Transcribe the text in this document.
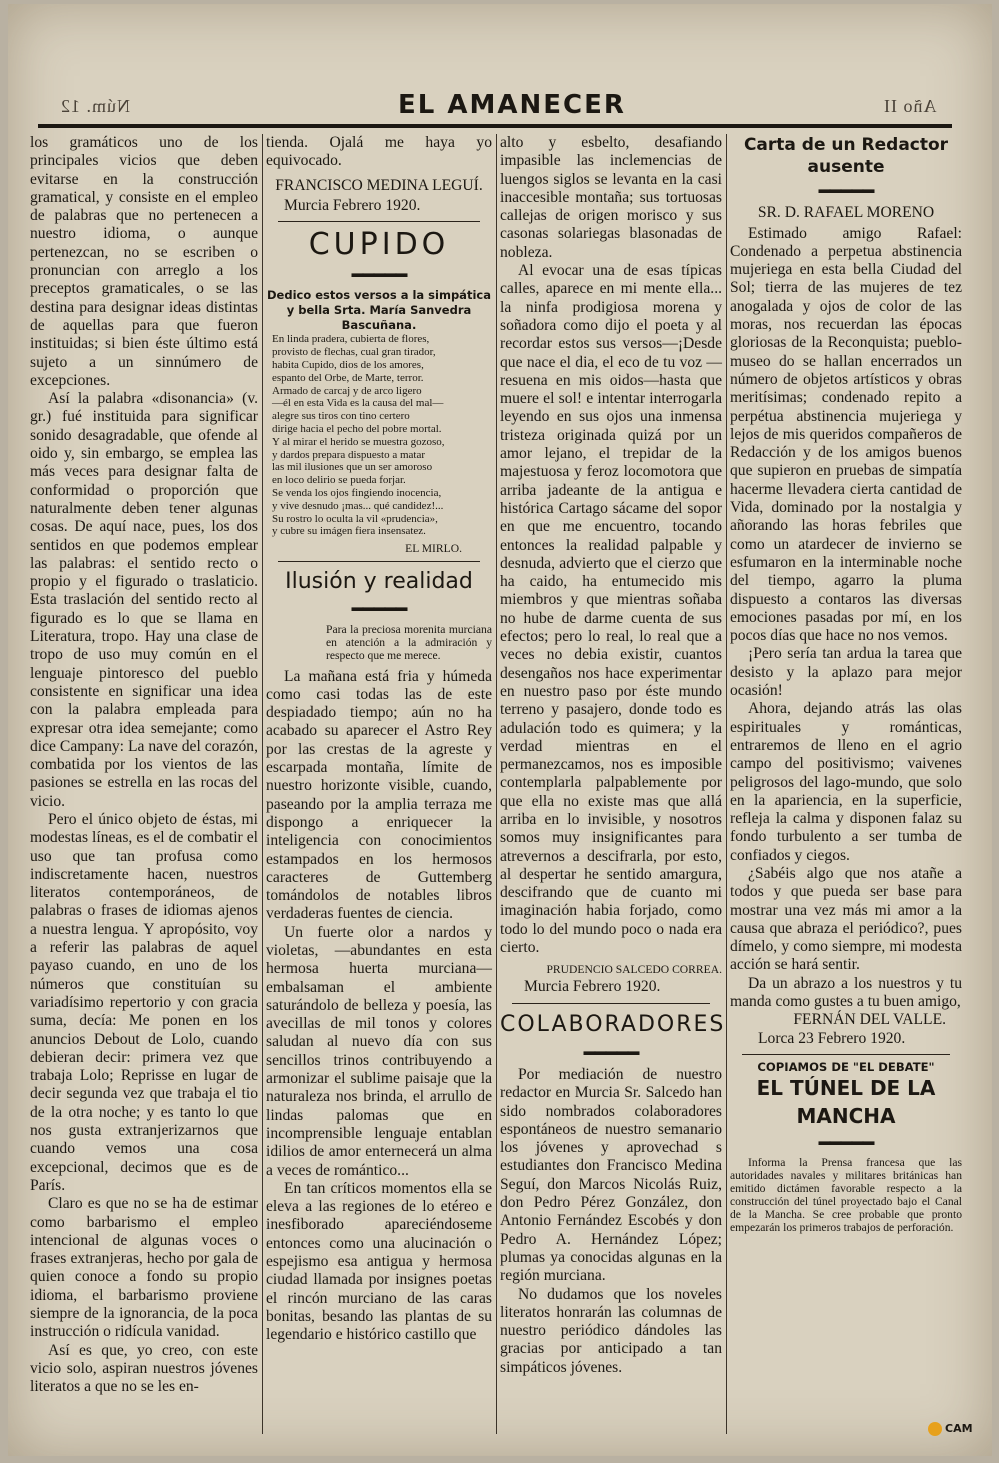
Núm. 12	EL AMANECER	Año II

los gramáticos uno de los principales vicios que deben evitarse en la construcción gramatical, y consiste en el empleo de palabras que no pertenecen a nuestro idioma, o aunque pertenezcan, no se escriben o pronuncian con arreglo a los preceptos gramaticales, o se las destina para designar ideas distintas de aquellas para que fueron instituidas; si bien éste último está sujeto a un sinnúmero de excepciones.

Así la palabra «disonancia» (v. gr.) fué instituida para significar sonido desagradable, que ofende al oido y, sin embargo, se emplea las más veces para designar falta de conformidad o proporción que naturalmente deben tener algunas cosas. De aquí nace, pues, los dos sentidos en que podemos emplear las palabras: el sentido recto o propio y el figurado o traslaticio. Esta traslación del sentido recto al figurado es lo que se llama en Literatura, tropo. Hay una clase de tropo de uso muy común en el lenguaje pintoresco del pueblo consistente en significar una idea con la palabra empleada para expresar otra idea semejante; como dice Campany: La nave del corazón, combatida por los vientos de las pasiones se estrella en las rocas del vicio.

Pero el único objeto de éstas, mi modestas líneas, es el de combatir el uso que tan profusa como indiscretamente hacen, nuestros literatos contemporáneos, de palabras o frases de idiomas ajenos a nuestra lengua. Y apropósito, voy a referir las palabras de aquel payaso cuando, en uno de los números que constituían su variadísimo repertorio y con gracia suma, decía: Me ponen en los anuncios Debout de Lolo, cuando debieran decir: primera vez que trabaja Lolo; Reprisse en lugar de decir segunda vez que trabaja el tio de la otra noche; y es tanto lo que nos gusta extranjerizarnos que cuando vemos una cosa excepcional, decimos que es de París.

Claro es que no se ha de estimar como barbarismo el empleo intencional de algunas voces o frases extranjeras, hecho por gala de quien conoce a fondo su propio idioma, el barbarismo proviene siempre de la ignorancia, de la poca instrucción o ridícula vanidad.

Así es que, yo creo, con este vicio solo, aspiran nuestros jóvenes literatos a que no se les en-

tienda. Ojalá me haya yo equivocado.

FRANCISCO MEDINA LEGUÍ.
Murcia Febrero 1920.
CUPIDO
▬▬▬▬▬
Dedico estos versos a la simpática y bella Srta. María Sanvedra Bascuñana.
En linda pradera, cubierta de flores,
provisto de flechas, cual gran tirador,
habita Cupido, dios de los amores,
espanto del Orbe, de Marte, terror.
Armado de carcaj y de arco ligero
—él en esta Vida es la causa del mal—
alegre sus tiros con tino certero
dirige hacia el pecho del pobre mortal.
Y al mirar el herido se muestra gozoso,
y dardos prepara dispuesto a matar
las mil ilusiones que un ser amoroso
en loco delirio se pueda forjar.
Se venda los ojos fingiendo inocencia,
y vive desnudo ¡mas... qué candidez!...
Su rostro lo oculta la vil «prudencia»,
y cubre su imágen fiera insensatez.
EL MIRLO.
Ilusión y realidad
▬▬▬▬▬
Para la preciosa morenita murciana en atención a la admiración y respecto que me merece.

La mañana está fria y húmeda como casi todas las de este despiadado tiempo; aún no ha acabado su aparecer el Astro Rey por las crestas de la agreste y escarpada montaña, límite de nuestro horizonte visible, cuando, paseando por la amplia terraza me dispongo a enriquecer la inteligencia con conocimientos estampados en los hermosos caracteres de Guttemberg tomándolos de notables libros verdaderas fuentes de ciencia.

Un fuerte olor a nardos y violetas, —abundantes en esta hermosa huerta murciana—embalsaman el ambiente saturándolo de belleza y poesía, las avecillas de mil tonos y colores saludan al nuevo día con sus sencillos trinos contribuyendo a armonizar el sublime paisaje que la naturaleza nos brinda, el arrullo de lindas palomas que en incomprensible lenguaje entablan idilios de amor enternecerá un alma a veces de romántico...

En tan críticos momentos ella se eleva a las regiones de lo etéreo e inesfiborado apareciéndoseme entonces como una alucinación o espejismo esa antigua y hermosa ciudad llamada por insignes poetas el rincón murciano de las caras bonitas, besando las plantas de su legendario e histórico castillo que

alto y esbelto, desafiando impasible las inclemencias de luengos siglos se levanta en la casi inaccesible montaña; sus tortuosas callejas de origen morisco y sus casonas solariegas blasonadas de nobleza.

Al evocar una de esas típicas calles, aparece en mi mente ella... la ninfa prodigiosa morena y soñadora como dijo el poeta y al recordar estos sus versos—¡Desde que nace el dia, el eco de tu voz —resuena en mis oidos—hasta que muere el sol! e intentar interrogarla leyendo en sus ojos una inmensa tristeza originada quizá por un amor lejano, el trepidar de la majestuosa y feroz locomotora que arriba jadeante de la antigua e histórica Cartago sácame del sopor en que me encuentro, tocando entonces la realidad palpable y desnuda, advierto que el cierzo que ha caido, ha entumecido mis miembros y que mientras soñaba no hube de darme cuenta de sus efectos; pero lo real, lo real que a veces no debia existir, cuantos desengaños nos hace experimentar en nuestro paso por éste mundo terreno y pasajero, donde todo es adulación todo es quimera; y la verdad mientras en el permanezcamos, nos es imposible contemplarla palpablemente por que ella no existe mas que allá arriba en lo invisible, y nosotros somos muy insignificantes para atrevernos a descifrarla, por esto, al despertar he sentido amargura, descifrando que de cuanto mi imaginación habia forjado, como todo lo del mundo poco o nada era cierto.

PRUDENCIO SALCEDO CORREA.
Murcia Febrero 1920.
COLABORADORES
▬▬▬▬▬

Por mediación de nuestro redactor en Murcia Sr. Salcedo han sido nombrados colaboradores espontáneos de nuestro semanario los jóvenes y aprovechad s estudiantes don Francisco Medina Seguí, don Marcos Nicolás Ruiz, don Pedro Pérez González, don Antonio Fernández Escobés y don Pedro A. Hernández López; plumas ya conocidas algunas en la región murciana.

No dudamos que los noveles literatos honrarán las columnas de nuestro periódico dándoles las gracias por anticipado a tan simpáticos jóvenes.

Carta de un Redactor ausente
▬▬▬▬▬
SR. D. RAFAEL MORENO

Estimado amigo Rafael: Condenado a perpetua abstinencia mujeriega en esta bella Ciudad del Sol; tierra de las mujeres de tez anogalada y ojos de color de las moras, nos recuerdan las épocas gloriosas de la Reconquista; pueblo-museo do se hallan encerrados un número de objetos artísticos y obras meritísimas; condenado repito a perpétua abstinencia mujeriega y lejos de mis queridos compañeros de Redacción y de los amigos buenos que supieron en pruebas de simpatía hacerme llevadera cierta cantidad de Vida, dominado por la nostalgia y añorando las horas febriles que como un atardecer de invierno se esfumaron en la interminable noche del tiempo, agarro la pluma dispuesto a contaros las diversas emociones pasadas por mí, en los pocos días que hace no nos vemos.

¡Pero sería tan ardua la tarea que desisto y la aplazo para mejor ocasión!

Ahora, dejando atrás las olas espirituales y románticas, entraremos de lleno en el agrio campo del positivismo; vaivenes peligrosos del lago-mundo, que solo en la apariencia, en la superficie, refleja la calma y disponen falaz su fondo turbulento a ser tumba de confiados y ciegos.

¿Sabéis algo que nos atañe a todos y que pueda ser base para mostrar una vez más mi amor a la causa que abraza el periódico?, pues dímelo, y como siempre, mi modesta acción se hará sentir.

Da un abrazo a los nuestros y tu manda como gustes a tu buen amigo,

FERNÁN DEL VALLE.
Lorca 23 Febrero 1920.
COPIAMOS DE "EL DEBATE"
EL TÚNEL DE LA MANCHA
▬▬▬▬▬

Informa la Prensa francesa que las autoridades navales y militares británicas han emitido dictámen favorable respecto a la construcción del túnel proyectado bajo el Canal de la Mancha. Se cree probable que pronto empezarán los primeros trabajos de perforación.

CAM
